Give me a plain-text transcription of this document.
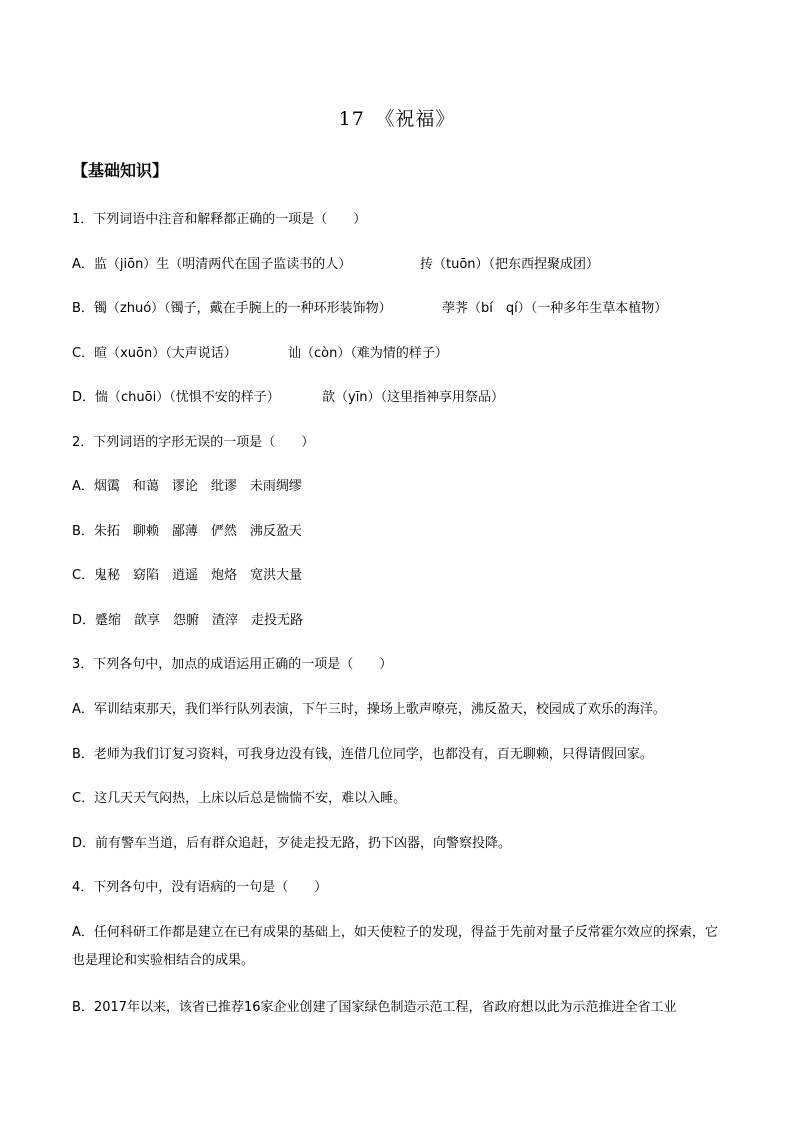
17　《祝福》
【基础知识】
1．下列词语中注音和解释都正确的一项是（　　）
A．监（jiōn）生（明清两代在国子监读书的人）	抟（tuōn）（把东西捏聚成团）
B．镯（zhuó）（镯子，戴在手腕上的一种环形装饰物）	荸荠（bí　qí）（一种多年生草本植物）
C．暄（xuōn）（大声说话）	讪（còn）（难为情的样子）
D．惴（chuōi）（忧惧不安的样子）	歆（yīn）（这里指神享用祭品）
2．下列词语的字形无误的一项是（　　）
A．烟霭　和蔼　谬论　纰谬　未雨绸缪
B．朱拓　聊赖　鄙薄　俨然　沸反盈天
C．鬼秘　窈陷　逍遥　炮烙　宽洪大量
D．蹙缩　歆享　怨腑　渣滓　走投无路
3．下列各句中，加点的成语运用正确的一项是（　　）
A．军训结束那天，我们举行队列表演，下午三时，操场上歌声嘹亮，沸反盈天，校园成了欢乐的海洋。
B．老师为我们订复习资料，可我身边没有钱，连借几位同学，也都没有，百无聊赖，只得请假回家。
C．这几天天气闷热，上床以后总是惴惴不安，难以入睡。
D．前有警车当道，后有群众追赶，歹徒走投无路，扔下凶器，向警察投降。
4．下列各句中，没有语病的一句是（　　）
A．任何科研工作都是建立在已有成果的基础上，如天使粒子的发现，得益于先前对量子反常霍尔效应的探索，它也是理论和实验相结合的成果。
B．2017年以来，该省已推荐16家企业创建了国家绿色制造示范工程，省政府想以此为示范推进全省工业
